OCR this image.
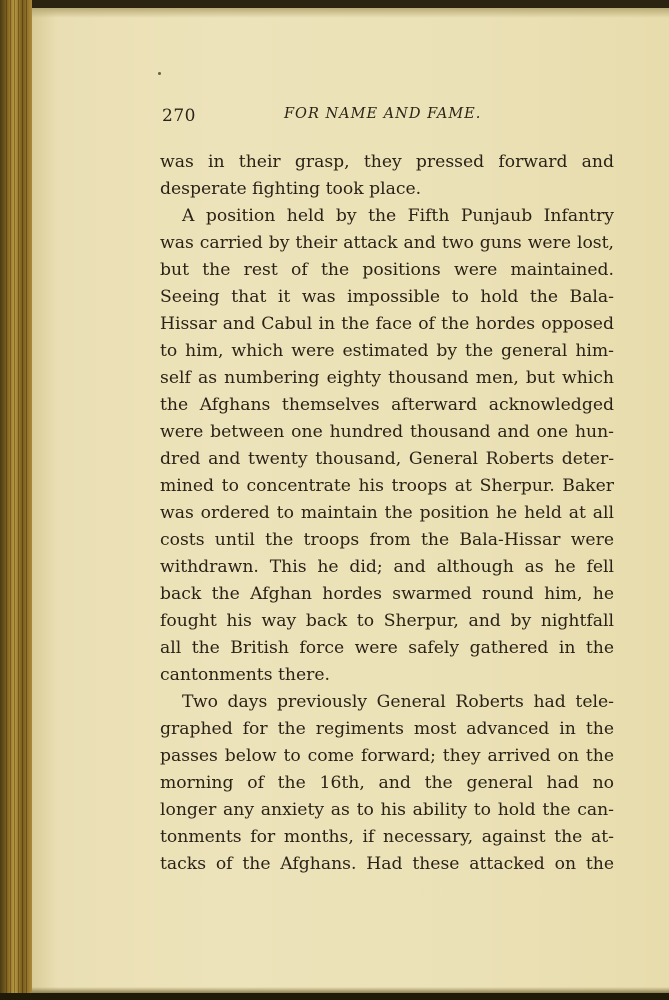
270	FOR NAME AND FAME.
was in their grasp, they pressed forward and
desperate fighting took place.
A position held by the Fifth Punjaub Infantry
was carried by their attack and two guns were lost,
but the rest of the positions were maintained.
Seeing that it was impossible to hold the Bala-
Hissar and Cabul in the face of the hordes opposed
to him, which were estimated by the general him-
self as numbering eighty thousand men, but which
the Afghans themselves afterward acknowledged
were between one hundred thousand and one hun-
dred and twenty thousand, General Roberts deter-
mined to concentrate his troops at Sherpur. Baker
was ordered to maintain the position he held at all
costs until the troops from the Bala-Hissar were
withdrawn. This he did; and although as he fell
back the Afghan hordes swarmed round him, he
fought his way back to Sherpur, and by nightfall
all the British force were safely gathered in the
cantonments there.
Two days previously General Roberts had tele-
graphed for the regiments most advanced in the
passes below to come forward; they arrived on the
morning of the 16th, and the general had no
longer any anxiety as to his ability to hold the can-
tonments for months, if necessary, against the at-
tacks of the Afghans. Had these attacked on the
